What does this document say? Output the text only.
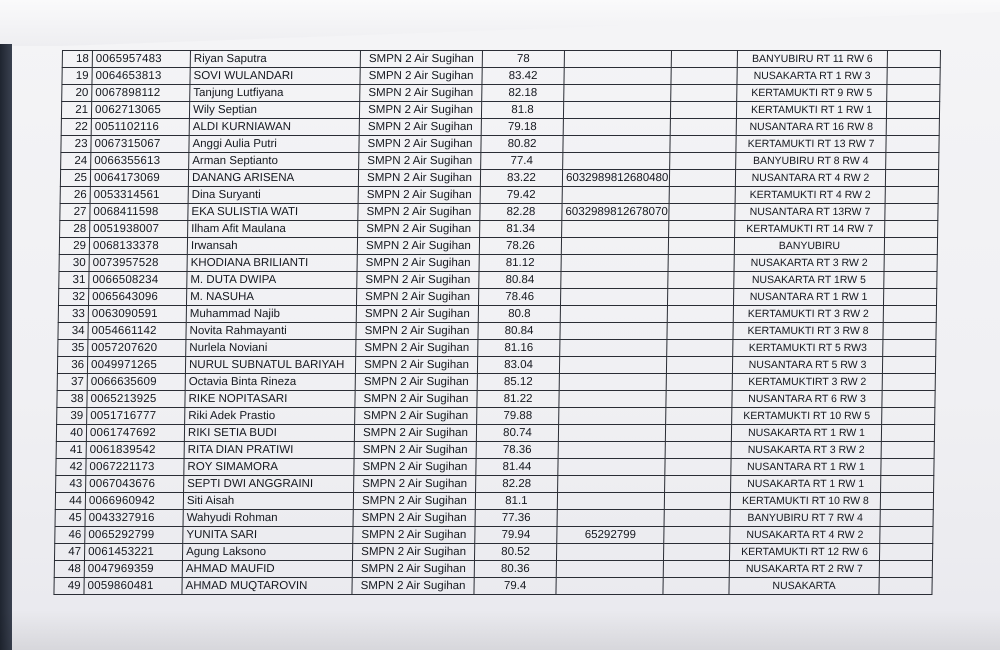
18	0065957483	Riyan Saputra	SMPN 2 Air Sugihan	78			BANYUBIRU RT 11 RW 6	
19	0064653813	SOVI WULANDARI	SMPN 2 Air Sugihan	83.42			NUSAKARTA RT 1 RW 3	
20	0067898112	Tanjung Lutfiyana	SMPN 2 Air Sugihan	82.18			KERTAMUKTI RT 9 RW 5	
21	0062713065	Wily Septian	SMPN 2 Air Sugihan	81.8			KERTAMUKTI RT 1 RW 1	
22	0051102116	ALDI KURNIAWAN	SMPN 2 Air Sugihan	79.18			NUSANTARA RT 16 RW 8	
23	0067315067	Anggi Aulia Putri	SMPN 2 Air Sugihan	80.82			KERTAMUKTI RT 13 RW 7	
24	0066355613	Arman Septianto	SMPN 2 Air Sugihan	77.4			BANYUBIRU RT 8 RW 4	
25	0064173069	DANANG ARISENA	SMPN 2 Air Sugihan	83.22	6032989812680480		NUSANTARA RT 4 RW 2	
26	0053314561	Dina Suryanti	SMPN 2 Air Sugihan	79.42			KERTAMUKTI RT 4 RW 2	
27	0068411598	EKA SULISTIA WATI	SMPN 2 Air Sugihan	82.28	6032989812678070		NUSANTARA RT 13RW 7	
28	0051938007	Ilham Afit Maulana	SMPN 2 Air Sugihan	81.34			KERTAMUKTI RT 14 RW 7	
29	0068133378	Irwansah	SMPN 2 Air Sugihan	78.26			BANYUBIRU	
30	0073957528	KHODIANA BRILIANTI	SMPN 2 Air Sugihan	81.12			NUSAKARTA RT 3 RW 2	
31	0066508234	M. DUTA DWIPA	SMPN 2 Air Sugihan	80.84			NUSAKARTA RT 1RW 5	
32	0065643096	M. NASUHA	SMPN 2 Air Sugihan	78.46			NUSANTARA RT 1 RW 1	
33	0063090591	Muhammad Najib	SMPN 2 Air Sugihan	80.8			KERTAMUKTI RT 3 RW 2	
34	0054661142	Novita Rahmayanti	SMPN 2 Air Sugihan	80.84			KERTAMUKTI RT 3 RW 8	
35	0057207620	Nurlela Noviani	SMPN 2 Air Sugihan	81.16			KERTAMUKTI RT 5 RW3	
36	0049971265	NURUL SUBNATUL BARIYAH	SMPN 2 Air Sugihan	83.04			NUSANTARA RT 5 RW 3	
37	0066635609	Octavia Binta Rineza	SMPN 2 Air Sugihan	85.12			KERTAMUKTIRT 3 RW 2	
38	0065213925	RIKE NOPITASARI	SMPN 2 Air Sugihan	81.22			NUSANTARA RT 6 RW 3	
39	0051716777	Riki Adek Prastio	SMPN 2 Air Sugihan	79.88			KERTAMUKTI RT 10 RW 5	
40	0061747692	RIKI SETIA BUDI	SMPN 2 Air Sugihan	80.74			NUSAKARTA RT 1 RW 1	
41	0061839542	RITA DIAN PRATIWI	SMPN 2 Air Sugihan	78.36			NUSAKARTA RT 3 RW 2	
42	0067221173	ROY SIMAMORA	SMPN 2 Air Sugihan	81.44			NUSANTARA RT 1 RW 1	
43	0067043676	SEPTI DWI ANGGRAINI	SMPN 2 Air Sugihan	82.28			NUSAKARTA RT 1 RW 1	
44	0066960942	Siti Aisah	SMPN 2 Air Sugihan	81.1			KERTAMUKTI RT 10 RW 8	
45	0043327916	Wahyudi Rohman	SMPN 2 Air Sugihan	77.36			BANYUBIRU RT 7 RW 4	
46	0065292799	YUNITA SARI	SMPN 2 Air Sugihan	79.94	65292799		NUSAKARTA RT 4 RW 2	
47	0061453221	Agung Laksono	SMPN 2 Air Sugihan	80.52			KERTAMUKTI RT 12 RW 6	
48	0047969359	AHMAD MAUFID	SMPN 2 Air Sugihan	80.36			NUSAKARTA RT 2 RW 7	
49	0059860481	AHMAD MUQTAROVIN	SMPN 2 Air Sugihan	79.4			NUSAKARTA	
